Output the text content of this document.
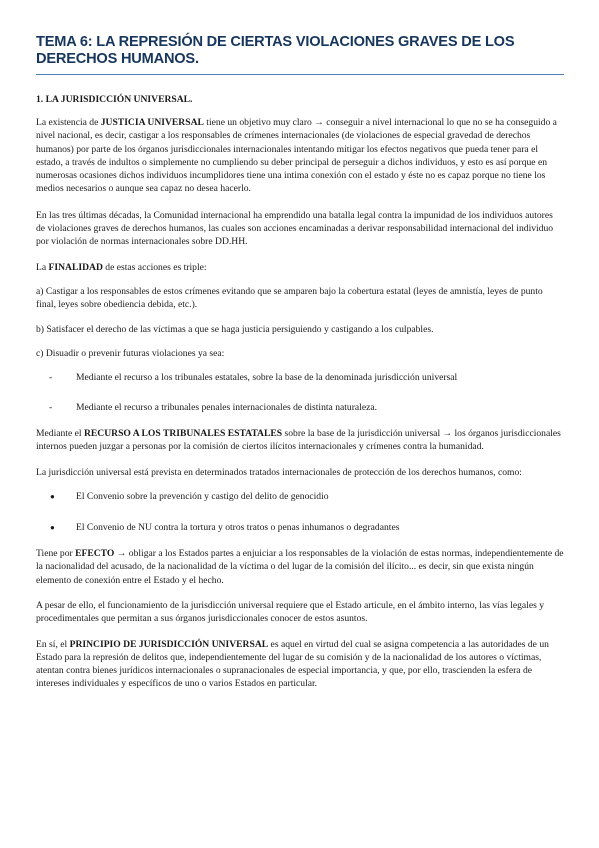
TEMA 6: LA REPRESIÓN DE CIERTAS VIOLACIONES GRAVES DE LOS DERECHOS HUMANOS.
1. LA JURISDICCIÓN UNIVERSAL.

La existencia de JUSTICIA UNIVERSAL tiene un objetivo muy claro → conseguir a nivel internacional lo que no se ha conseguido a nivel nacional, es decir, castigar a los responsables de crímenes internacionales (de violaciones de especial gravedad de derechos humanos) por parte de los órganos jurisdiccionales internacionales intentando mitigar los efectos negativos que pueda tener para el estado, a través de indultos o simplemente no cumpliendo su deber principal de perseguir a dichos individuos, y esto es así porque en numerosas ocasiones dichos individuos incumplidores tiene una intima conexión con el estado y éste no es capaz porque no tiene los medios necesarios o aunque sea capaz no desea hacerlo.

En las tres últimas décadas, la Comunidad internacional ha emprendido una batalla legal contra la impunidad de los individuos autores de violaciones graves de derechos humanos, las cuales son acciones encaminadas a derivar responsabilidad internacional del individuo por violación de normas internacionales sobre DD.HH.

La FINALIDAD de estas acciones es triple:

a) Castigar a los responsables de estos crímenes evitando que se amparen bajo la cobertura estatal (leyes de amnistía, leyes de punto final, leyes sobre obediencia debida, etc.).

b) Satisfacer el derecho de las víctimas a que se haga justicia persiguiendo y castigando a los culpables.

c) Disuadir o prevenir futuras violaciones ya sea:

- Mediante el recurso a los tribunales estatales, sobre la base de la denominada jurisdicción universal
- Mediante el recurso a tribunales penales internacionales de distinta naturaleza.

Mediante el RECURSO A LOS TRIBUNALES ESTATALES sobre la base de la jurisdicción universal → los órganos jurisdiccionales internos pueden juzgar a personas por la comisión de ciertos ilícitos internacionales y crímenes contra la humanidad.

La jurisdicción universal está prevista en determinados tratados internacionales de protección de los derechos humanos, como:

● El Convenio sobre la prevención y castigo del delito de genocidio
● El Convenio de NU contra la tortura y otros tratos o penas inhumanos o degradantes

Tiene por EFECTO → obligar a los Estados partes a enjuiciar a los responsables de la violación de estas normas, independientemente de la nacionalidad del acusado, de la nacionalidad de la víctima o del lugar de la comisión del ilícito... es decir, sin que exista ningún elemento de conexión entre el Estado y el hecho.

A pesar de ello, el funcionamiento de la jurisdicción universal requiere que el Estado articule, en el ámbito interno, las vías legales y procedimentales que permitan a sus órganos jurisdiccionales conocer de estos asuntos.

En sí, el PRINCIPIO DE JURISDICCIÓN UNIVERSAL es aquel en virtud del cual se asigna competencia a las autoridades de un Estado para la represión de delitos que, independientemente del lugar de su comisión y de la nacionalidad de los autores o víctimas, atentan contra bienes jurídicos internacionales o supranacionales de especial importancia, y que, por ello, trascienden la esfera de intereses individuales y específicos de uno o varios Estados en particular.
